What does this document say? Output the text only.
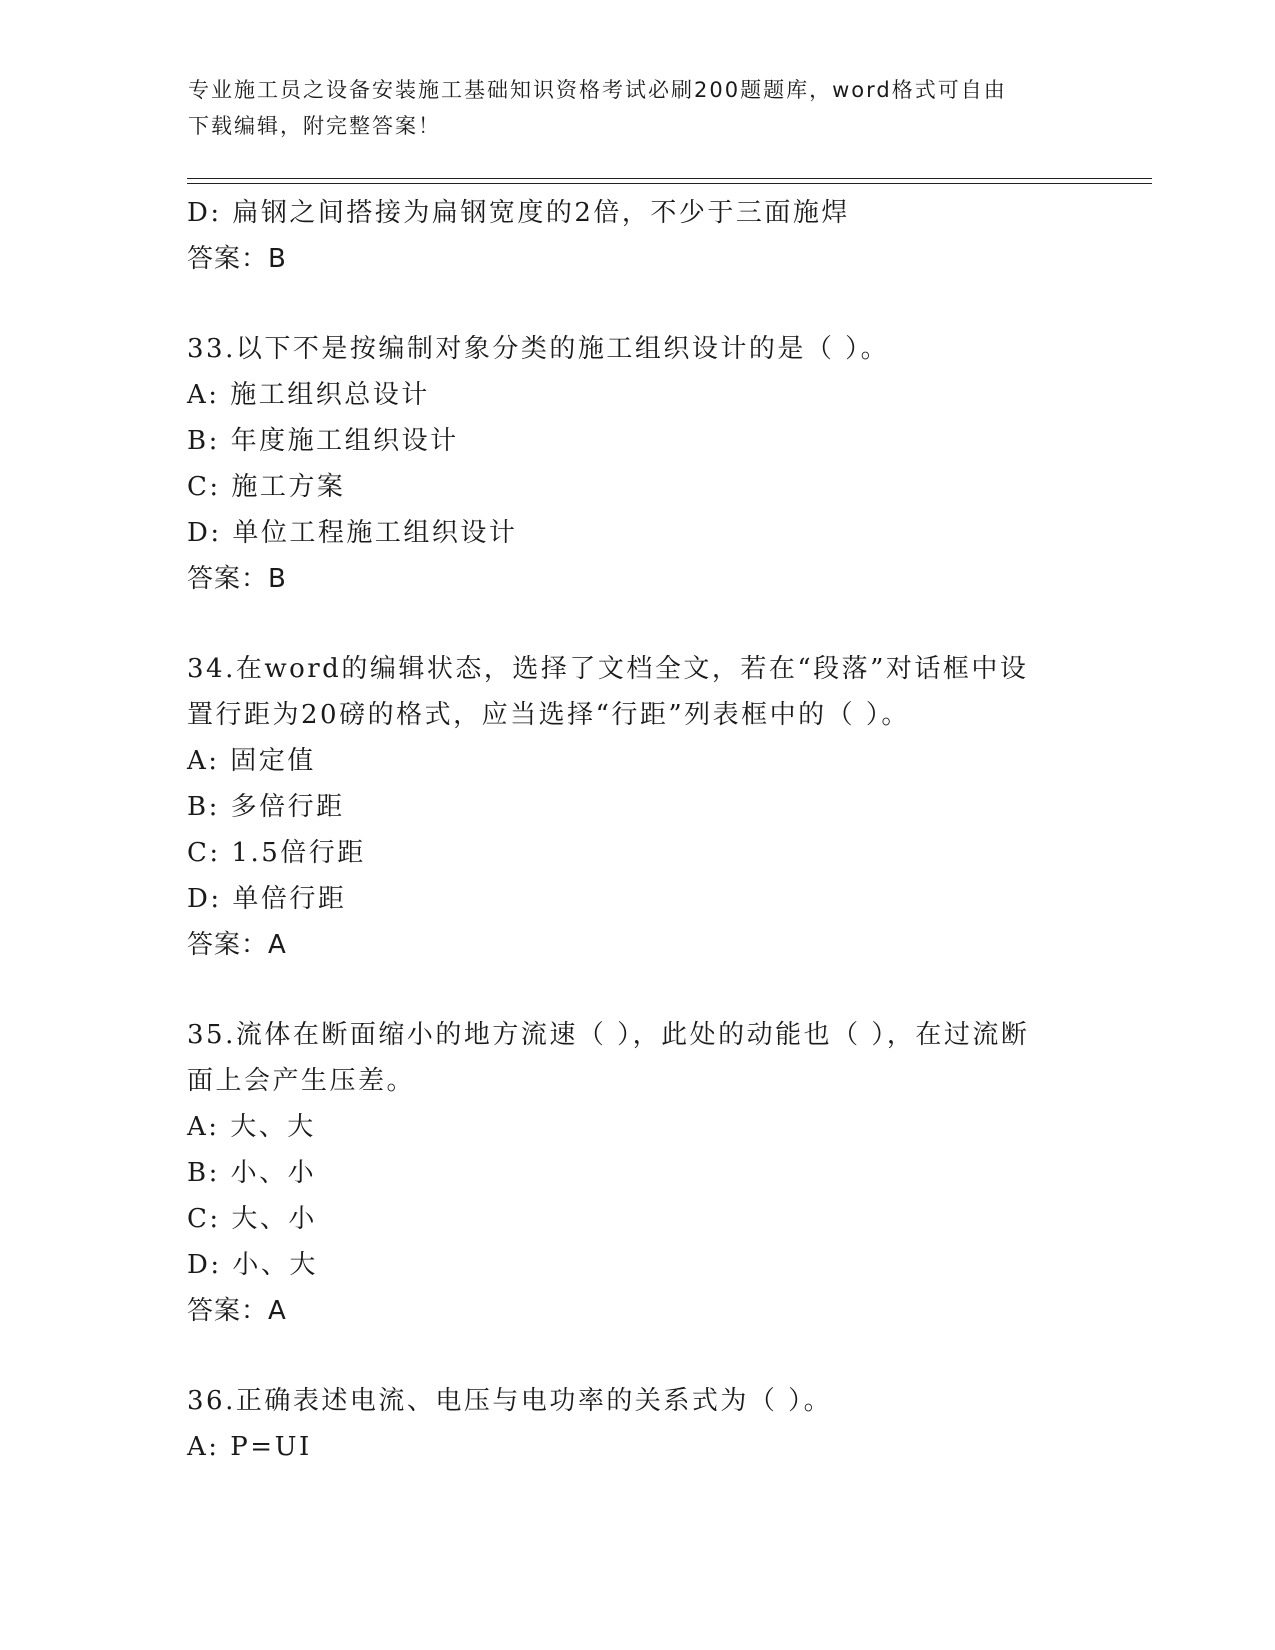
专业施工员之设备安装施工基础知识资格考试必刷200题题库，word格式可自由
下载编辑，附完整答案！
D: 扁钢之间搭接为扁钢宽度的2倍，不少于三面施焊
答案：B
33.以下不是按编制对象分类的施工组织设计的是（ ）。
A: 施工组织总设计
B: 年度施工组织设计
C: 施工方案
D: 单位工程施工组织设计
答案：B
34.在word的编辑状态，选择了文档全文，若在“段落”对话框中设
置行距为20磅的格式，应当选择“行距”列表框中的（ ）。
A: 固定值
B: 多倍行距
C: 1.5倍行距
D: 单倍行距
答案：A
35.流体在断面缩小的地方流速（ ），此处的动能也（ ），在过流断
面上会产生压差。
A: 大、大
B: 小、小
C: 大、小
D: 小、大
答案：A
36.正确表述电流、电压与电功率的关系式为（ ）。
A: P=UI
